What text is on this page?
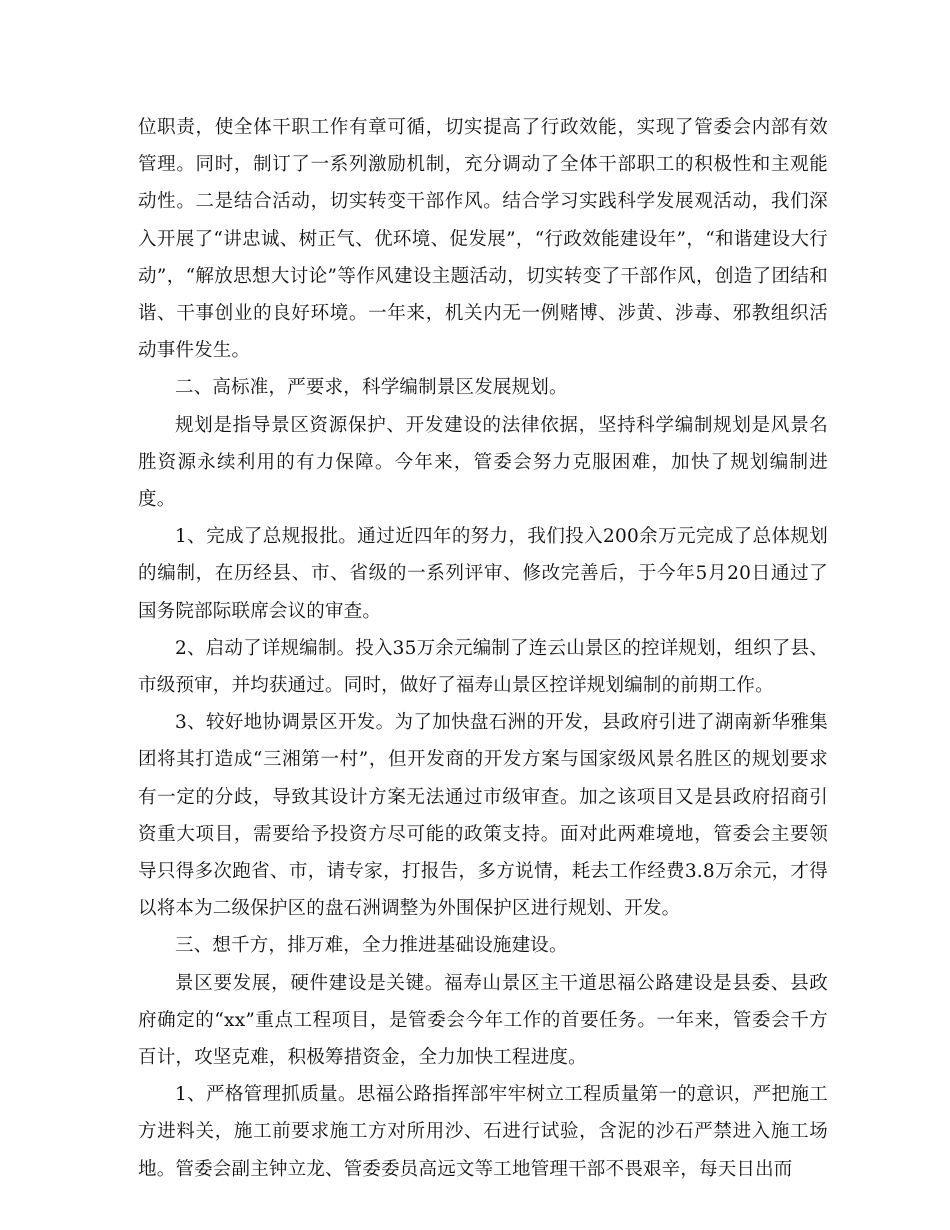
位职责，使全体干职工作有章可循，切实提高了行政效能，实现了管委会内部有效管理。同时，制订了一系列激励机制，充分调动了全体干部职工的积极性和主观能动性。二是结合活动，切实转变干部作风。结合学习实践科学发展观活动，我们深入开展了“讲忠诚、树正气、优环境、促发展”，“行政效能建设年”，“和谐建设大行动”，“解放思想大讨论”等作风建设主题活动，切实转变了干部作风，创造了团结和谐、干事创业的良好环境。一年来，机关内无一例赌博、涉黄、涉毒、邪教组织活动事件发生。

二、高标准，严要求，科学编制景区发展规划。

规划是指导景区资源保护、开发建设的法律依据，坚持科学编制规划是风景名胜资源永续利用的有力保障。今年来，管委会努力克服困难，加快了规划编制进度。

1、完成了总规报批。通过近四年的努力，我们投入200余万元完成了总体规划的编制，在历经县、市、省级的一系列评审、修改完善后，于今年5月20日通过了国务院部际联席会议的审查。

2、启动了详规编制。投入35万余元编制了连云山景区的控详规划，组织了县、市级预审，并均获通过。同时，做好了福寿山景区控详规划编制的前期工作。

3、较好地协调景区开发。为了加快盘石洲的开发，县政府引进了湖南新华雅集团将其打造成“三湘第一村”，但开发商的开发方案与国家级风景名胜区的规划要求有一定的分歧，导致其设计方案无法通过市级审查。加之该项目又是县政府招商引资重大项目，需要给予投资方尽可能的政策支持。面对此两难境地，管委会主要领导只得多次跑省、市，请专家，打报告，多方说情，耗去工作经费3.8万余元，才得以将本为二级保护区的盘石洲调整为外围保护区进行规划、开发。

三、想千方，排万难，全力推进基础设施建设。

景区要发展，硬件建设是关键。福寿山景区主干道思福公路建设是县委、县政府确定的“xx”重点工程项目，是管委会今年工作的首要任务。一年来，管委会千方百计，攻坚克难，积极筹措资金，全力加快工程进度。

1、严格管理抓质量。思福公路指挥部牢牢树立工程质量第一的意识，严把施工方进料关，施工前要求施工方对所用沙、石进行试验，含泥的沙石严禁进入施工场地。管委会副主钟立龙、管委委员高远文等工地管理干部不畏艰辛，每天日出而
